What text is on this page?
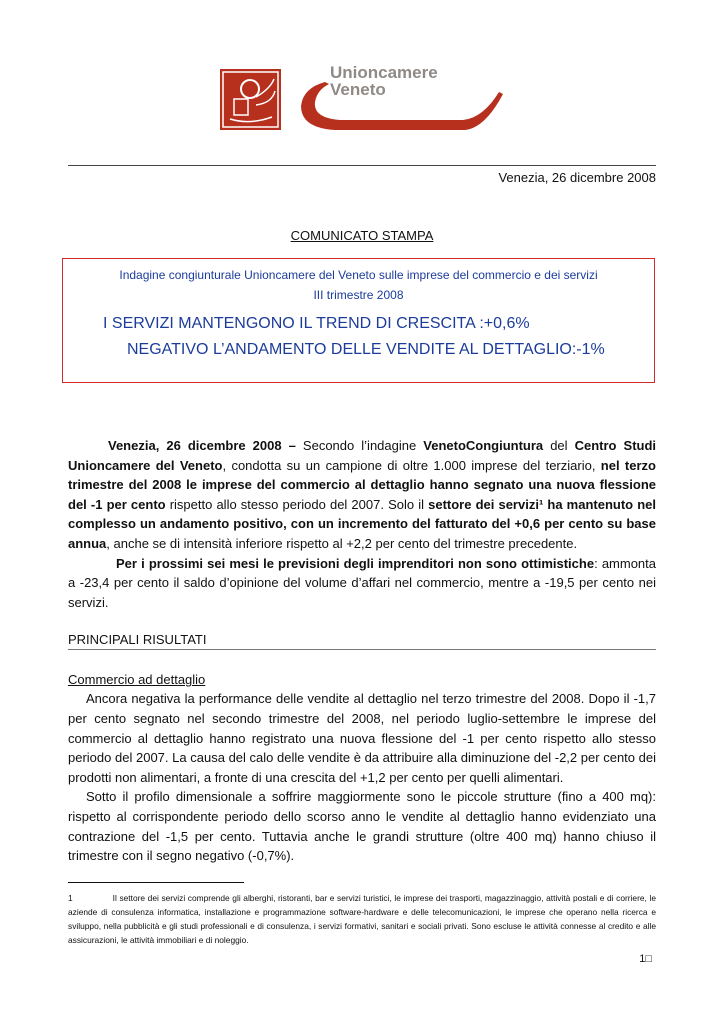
Unioncamere
Veneto
Venezia, 26 dicembre 2008
COMUNICATO STAMPA
Indagine congiunturale Unioncamere del Veneto sulle imprese del commercio e dei servizi
III trimestre 2008
I SERVIZI MANTENGONO IL TREND DI CRESCITA :+0,6%
NEGATIVO L’ANDAMENTO DELLE VENDITE AL DETTAGLIO:-1%

Venezia, 26 dicembre 2008 – Secondo l’indagine VenetoCongiuntura del Centro Studi Unioncamere del Veneto, condotta su un campione di oltre 1.000 imprese del terziario, nel terzo trimestre del 2008 le imprese del commercio al dettaglio hanno segnato una nuova flessione del -1 per cento rispetto allo stesso periodo del 2007. Solo il settore dei servizi¹ ha mantenuto nel complesso un andamento positivo, con un incremento del fatturato del +0,6 per cento su base annua, anche se di intensità inferiore rispetto al +2,2 per cento del trimestre precedente.

Per i prossimi sei mesi le previsioni degli imprenditori non sono ottimistiche: ammonta a -23,4 per cento il saldo d’opinione del volume d’affari nel commercio, mentre a -19,5 per cento nei servizi.

PRINCIPALI RISULTATI
Commercio ad dettaglio

Ancora negativa la performance delle vendite al dettaglio nel terzo trimestre del 2008. Dopo il -1,7 per cento segnato nel secondo trimestre del 2008, nel periodo luglio-settembre le imprese del commercio al dettaglio hanno registrato una nuova flessione del -1 per cento rispetto allo stesso periodo del 2007. La causa del calo delle vendite è da attribuire alla diminuzione del -2,2 per cento dei prodotti non alimentari, a fronte di una crescita del +1,2 per cento per quelli alimentari.

Sotto il profilo dimensionale a soffrire maggiormente sono le piccole strutture (fino a 400 mq): rispetto al corrispondente periodo dello scorso anno le vendite al dettaglio hanno evidenziato una contrazione del -1,5 per cento. Tuttavia anche le grandi strutture (oltre 400 mq) hanno chiuso il trimestre con il segno negativo (-0,7%).

1	Il settore dei servizi comprende gli alberghi, ristoranti, bar e servizi turistici, le imprese dei trasporti, magazzinaggio, attività postali e di corriere, le aziende di consulenza informatica, installazione e programmazione software-hardware e delle telecomunicazioni, le imprese che operano nella ricerca e sviluppo, nella pubblicità e gli studi professionali e di consulenza, i servizi formativi, sanitari e sociali privati. Sono escluse le attività connesse al credito e alle assicurazioni, le attività immobiliari e di noleggio.
1□
